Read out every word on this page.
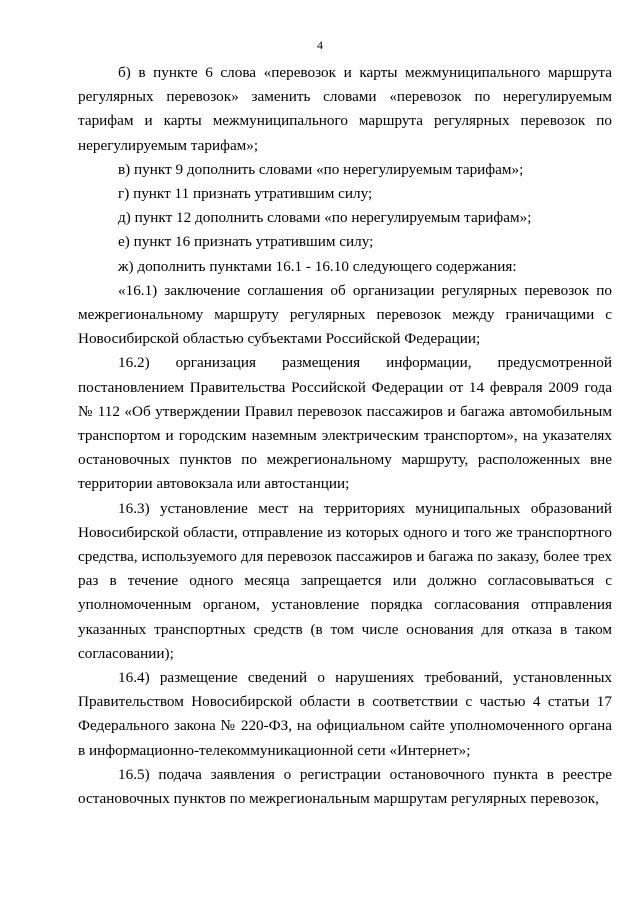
4

б) в пункте 6 слова «перевозок и карты межмуниципального маршрута регулярных перевозок» заменить словами «перевозок по нерегулируемым тарифам и карты межмуниципального маршрута регулярных перевозок по нерегулируемым тарифам»;

в) пункт 9 дополнить словами «по нерегулируемым тарифам»;

г) пункт 11 признать утратившим силу;

д) пункт 12 дополнить словами «по нерегулируемым тарифам»;

е) пункт 16 признать утратившим силу;

ж) дополнить пунктами 16.1 - 16.10 следующего содержания:

«16.1) заключение соглашения об организации регулярных перевозок по межрегиональному маршруту регулярных перевозок между граничащими с Новосибирской областью субъектами Российской Федерации;

16.2) организация размещения информации, предусмотренной постановлением Правительства Российской Федерации от 14 февраля 2009 года № 112 «Об утверждении Правил перевозок пассажиров и багажа автомобильным транспортом и городским наземным электрическим транспортом», на указателях остановочных пунктов по межрегиональному маршруту, расположенных вне территории автовокзала или автостанции;

16.3) установление мест на территориях муниципальных образований Новосибирской области, отправление из которых одного и того же транспортного средства, используемого для перевозок пассажиров и багажа по заказу, более трех раз в течение одного месяца запрещается или должно согласовываться с уполномоченным органом, установление порядка согласования отправления указанных транспортных средств (в том числе основания для отказа в таком согласовании);

16.4) размещение сведений о нарушениях требований, установленных Правительством Новосибирской области в соответствии с частью 4 статьи 17 Федерального закона № 220-ФЗ, на официальном сайте уполномоченного органа в информационно-телекоммуникационной сети «Интернет»;

16.5) подача заявления о регистрации остановочного пункта в реестре остановочных пунктов по межрегиональным маршрутам регулярных перевозок,
